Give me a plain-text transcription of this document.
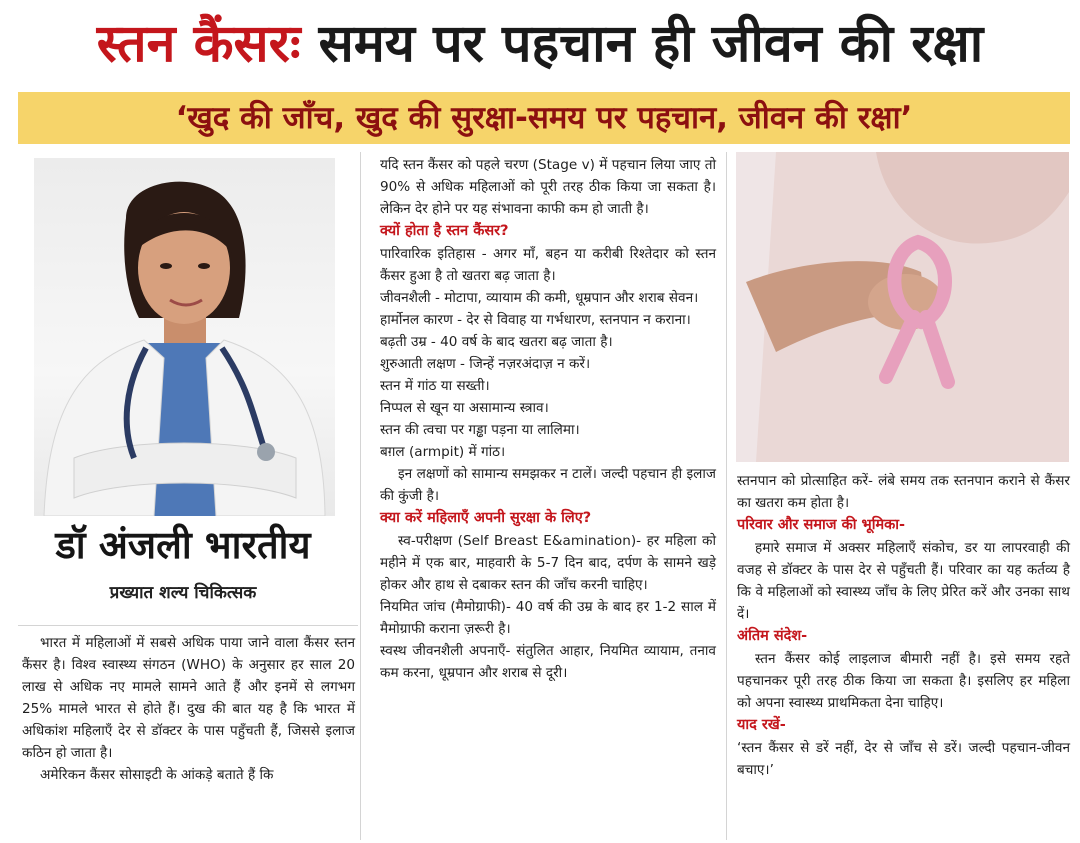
स्तन कैंसरः समय पर पहचान ही जीवन की रक्षा
‘खुद की जाँच, खुद की सुरक्षा-समय पर पहचान, जीवन की रक्षा’
डॉ अंजली भारतीय
प्रख्यात शल्य चिकित्सक

भारत में महिलाओं में सबसे अधिक पाया जाने वाला कैंसर स्तन कैंसर है। विश्व स्वास्थ्य संगठन (WHO) के अनुसार हर साल 20 लाख से अधिक नए मामले सामने आते हैं और इनमें से लगभग 25% मामले भारत से होते हैं। दुख की बात यह है कि भारत में अधिकांश महिलाएँ देर से डॉक्टर के पास पहुँचती हैं, जिससे इलाज कठिन हो जाता है।

अमेरिकन कैंसर सोसाइटी के आंकड़े बताते हैं कि

यदि स्तन कैंसर को पहले चरण (Stage v) में पहचान लिया जाए तो 90% से अधिक महिलाओं को पूरी तरह ठीक किया जा सकता है। लेकिन देर होने पर यह संभावना काफी कम हो जाती है।

क्यों होता है स्तन कैंसर?

पारिवारिक इतिहास - अगर माँ, बहन या करीबी रिश्तेदार को स्तन कैंसर हुआ है तो खतरा बढ़ जाता है।

जीवनशैली - मोटापा, व्यायाम की कमी, धूम्रपान और शराब सेवन।

हार्मोनल कारण - देर से विवाह या गर्भधारण, स्तनपान न कराना।

बढ़ती उम्र - 40 वर्ष के बाद खतरा बढ़ जाता है।

शुरुआती लक्षण - जिन्हें नज़रअंदाज़ न करें।

स्तन में गांठ या सख्ती।

निप्पल से खून या असामान्य स्त्राव।

स्तन की त्वचा पर गड्ढा पड़ना या लालिमा।

बग़ल (armpit) में गांठ।

इन लक्षणों को सामान्य समझकर न टालें। जल्दी पहचान ही इलाज की कुंजी है।

क्या करें महिलाएँ अपनी सुरक्षा के लिए?

स्व-परीक्षण (Self Breast E&amination)- हर महिला को महीने में एक बार, माहवारी के 5-7 दिन बाद, दर्पण के सामने खड़े होकर और हाथ से दबाकर स्तन की जाँच करनी चाहिए।

नियमित जांच (मैमोग्राफी)- 40 वर्ष की उम्र के बाद हर 1-2 साल में मैमोग्राफी कराना ज़रूरी है।

स्वस्थ जीवनशैली अपनाएँ- संतुलित आहार, नियमित व्यायाम, तनाव कम करना, धूम्रपान और शराब से दूरी।

स्तनपान को प्रोत्साहित करें- लंबे समय तक स्तनपान कराने से कैंसर का खतरा कम होता है।

परिवार और समाज की भूमिका-

हमारे समाज में अक्सर महिलाएँ संकोच, डर या लापरवाही की वजह से डॉक्टर के पास देर से पहुँचती हैं। परिवार का यह कर्तव्य है कि वे महिलाओं को स्वास्थ्य जाँच के लिए प्रेरित करें और उनका साथ दें।

अंतिम संदेश-

स्तन कैंसर कोई लाइलाज बीमारी नहीं है। इसे समय रहते पहचानकर पूरी तरह ठीक किया जा सकता है। इसलिए हर महिला को अपना स्वास्थ्य प्राथमिकता देना चाहिए।

याद रखें-

‘स्तन कैंसर से डरें नहीं, देर से जाँच से डरें। जल्दी पहचान-जीवन बचाए।’
